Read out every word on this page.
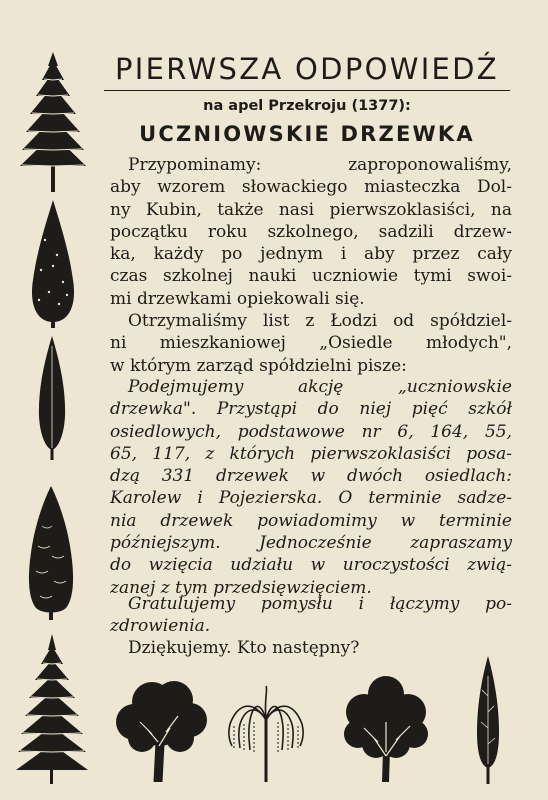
PIERWSZA ODPOWIEDŹ
na apel Przekroju (1377):
UCZNIOWSKIE DRZEWKA
Przypominamy: zaproponowaliśmy,
aby wzorem słowackiego miasteczka Dol-
ny Kubin, także nasi pierwszoklasiści, na
początku roku szkolnego, sadzili drzew-
ka, każdy po jednym i aby przez cały
czas szkolnej nauki uczniowie tymi swoi-
mi drzewkami opiekowali się.
Otrzymaliśmy list z Łodzi od spółdziel-
ni mieszkaniowej „Osiedle młodych",
w którym zarząd spółdzielni pisze:
Podejmujemy akcję „uczniowskie
drzewka". Przystąpi do niej pięć szkół
osiedlowych, podstawowe nr 6, 164, 55,
65, 117, z których pierwszoklasiści posa-
dzą 331 drzewek w dwóch osiedlach:
Karolew i Pojezierska. O terminie sadze-
nia drzewek powiadomimy w terminie
późniejszym. Jednocześnie zapraszamy
do wzięcia udziału w uroczystości zwią-
zanej z tym przedsięwzięciem.
Gratulujemy pomysłu i łączymy po-
zdrowienia.
Dziękujemy. Kto następny?
